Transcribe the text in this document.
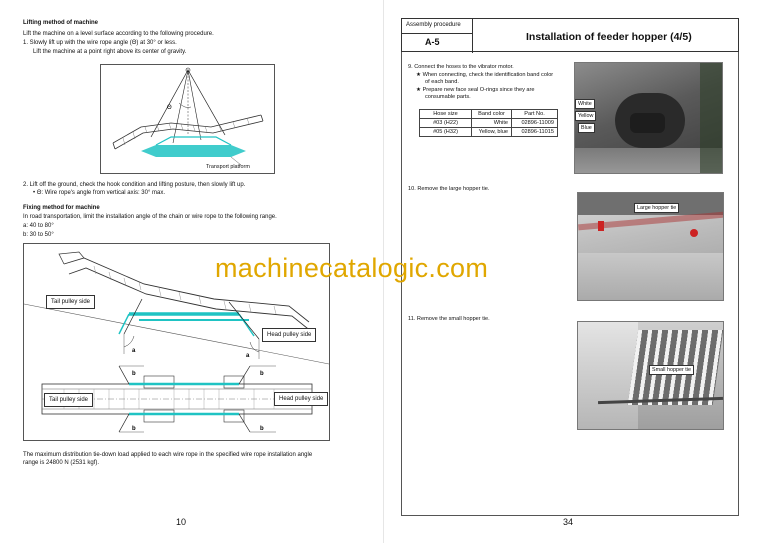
Lifting method of machine
Lift the machine on a level surface according to the following procedure.
1. Slowly lift up with the wire rope angle (Θ) at 30° or less.
Lift the machine at a point right above its center of gravity.
Θ
Transport platform
2. Lift off the ground, check the hook condition and lifting posture, then slowly lift up.
• Θ: Wire rope's angle from vertical axis: 30° max.
Fixing method for machine
In road transportation, limit the installation angle of the chain or wire rope to the following range.
a: 40 to 80°
b: 30 to 50°
a
a
b	b
b	b
Tail pulley side
Head pulley side
Tail pulley side	Head pulley side
The maximum distribution tie-down load applied to each wire rope in the specified wire rope installation angle
range is 24800 N (2531 kgf).
10
Assembly procedure
A-5	Installation of feeder hopper (4/5)
9. Connect the hoses to the vibrator motor.
★ When connecting, check the identification band color
of each band.
★ Prepare new face seal O-rings since they are
consumable parts.
Hose size	Band color	Part No.
#03 (H22)	White	02896-11009
#05 (H32)	Yellow, blue	02896-11015
White
Yellow
Blue
10. Remove the large hopper tie.
Large hopper tie
11. Remove the small hopper tie.
Small hopper tie
34
machinecatalogic.com
